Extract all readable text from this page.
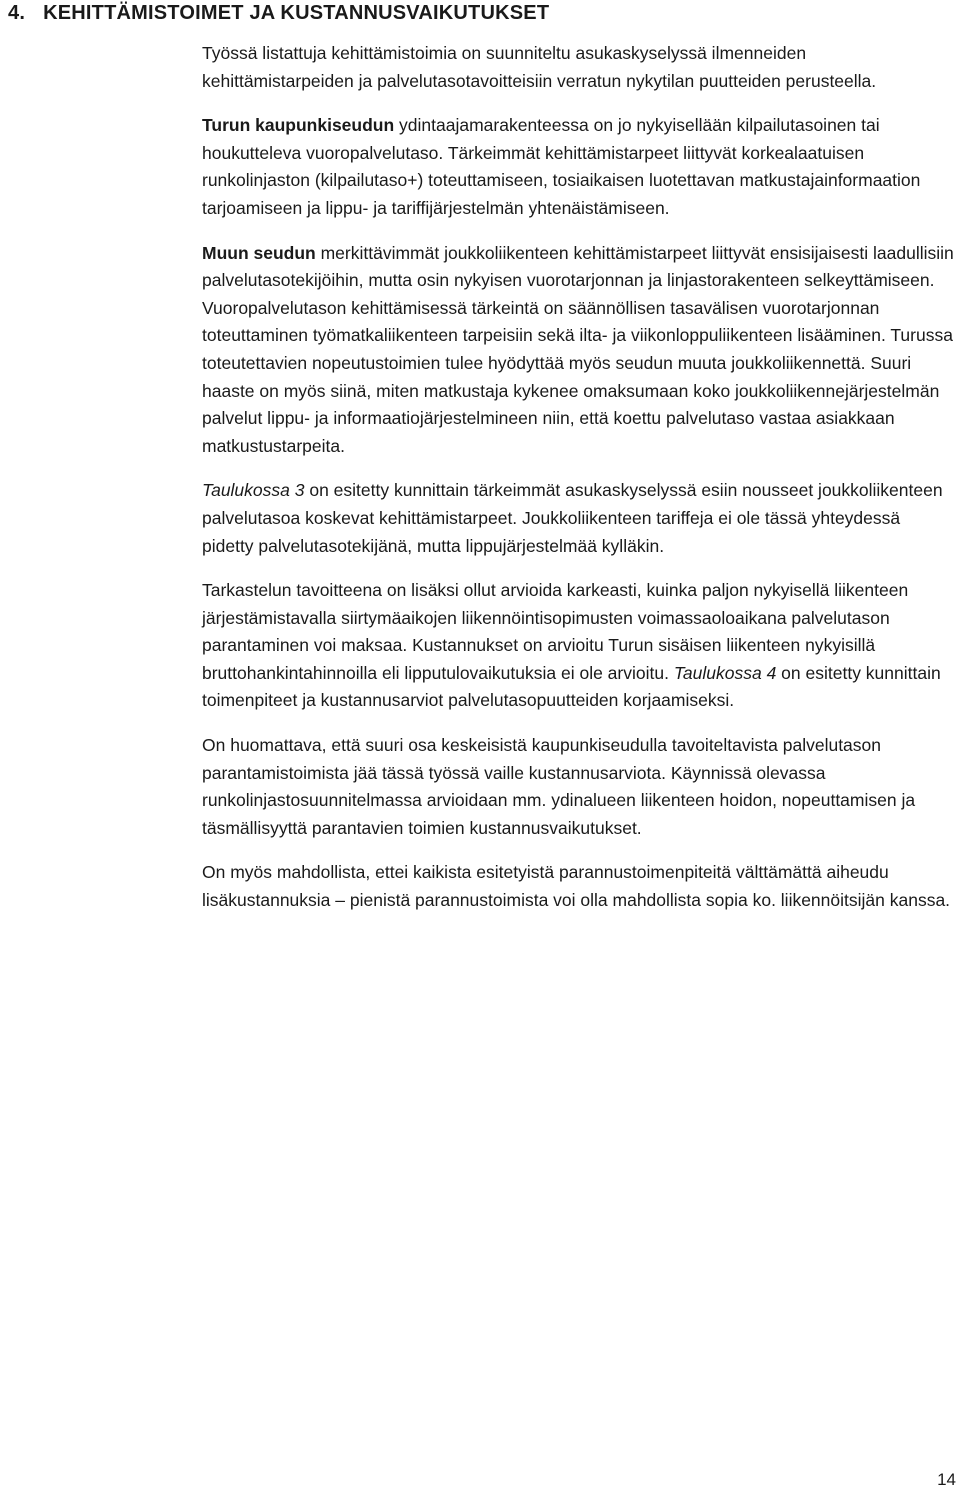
4. KEHITTÄMISTOIMET JA KUSTANNUSVAIKUTUKSET

Työssä listattuja kehittämistoimia on suunniteltu asukaskyselyssä ilmenneiden kehittämistarpeiden ja palvelutasotavoitteisiin verratun nykytilan puutteiden perusteella.

Turun kaupunkiseudun ydintaajamarakenteessa on jo nykyisellään kilpailutasoinen tai houkutteleva vuoropalvelutaso. Tärkeimmät kehittämistarpeet liittyvät korkealaatuisen runkolinjaston (kilpailutaso+) toteuttamiseen, tosiaikaisen luotettavan matkustajainformaation tarjoamiseen ja lippu- ja tariffijärjestelmän yhtenäistämiseen.

Muun seudun merkittävimmät joukkoliikenteen kehittämistarpeet liittyvät ensisijaisesti laadullisiin palvelutasotekijöihin, mutta osin nykyisen vuorotarjonnan ja linjastorakenteen selkeyttämiseen. Vuoropalvelutason kehittämisessä tärkeintä on säännöllisen tasavälisen vuorotarjonnan toteuttaminen työmatkaliikenteen tarpeisiin sekä ilta- ja viikonloppuliikenteen lisääminen. Turussa toteutettavien nopeutustoimien tulee hyödyttää myös seudun muuta joukkoliikennettä. Suuri haaste on myös siinä, miten matkustaja kykenee omaksumaan koko joukkoliikennejärjestelmän palvelut lippu- ja informaatiojärjestelmineen niin, että koettu palvelutaso vastaa asiakkaan matkustustarpeita.

Taulukossa 3 on esitetty kunnittain tärkeimmät asukaskyselyssä esiin nousseet joukkoliikenteen palvelutasoa koskevat kehittämistarpeet. Joukkoliikenteen tariffeja ei ole tässä yhteydessä pidetty palvelutasotekijänä, mutta lippujärjestelmää kylläkin.

Tarkastelun tavoitteena on lisäksi ollut arvioida karkeasti, kuinka paljon nykyisellä liikenteen järjestämistavalla siirtymäaikojen liikennöintisopimusten voimassaoloaikana palvelutason parantaminen voi maksaa. Kustannukset on arvioitu Turun sisäisen liikenteen nykyisillä bruttohankintahinnoilla eli lipputulovaikutuksia ei ole arvioitu. Taulukossa 4 on esitetty kunnittain toimenpiteet ja kustannusarviot palvelutasopuutteiden korjaamiseksi.

On huomattava, että suuri osa keskeisistä kaupunkiseudulla tavoiteltavista palvelutason parantamistoimista jää tässä työssä vaille kustannusarviota. Käynnissä olevassa runkolinjastosuunnitelmassa arvioidaan mm. ydinalueen liikenteen hoidon, nopeuttamisen ja täsmällisyyttä parantavien toimien kustannusvaikutukset.

On myös mahdollista, ettei kaikista esitetyistä parannustoimenpiteitä välttämättä aiheudu lisäkustannuksia – pienistä parannustoimista voi olla mahdollista sopia ko. liikennöitsijän kanssa.

14
